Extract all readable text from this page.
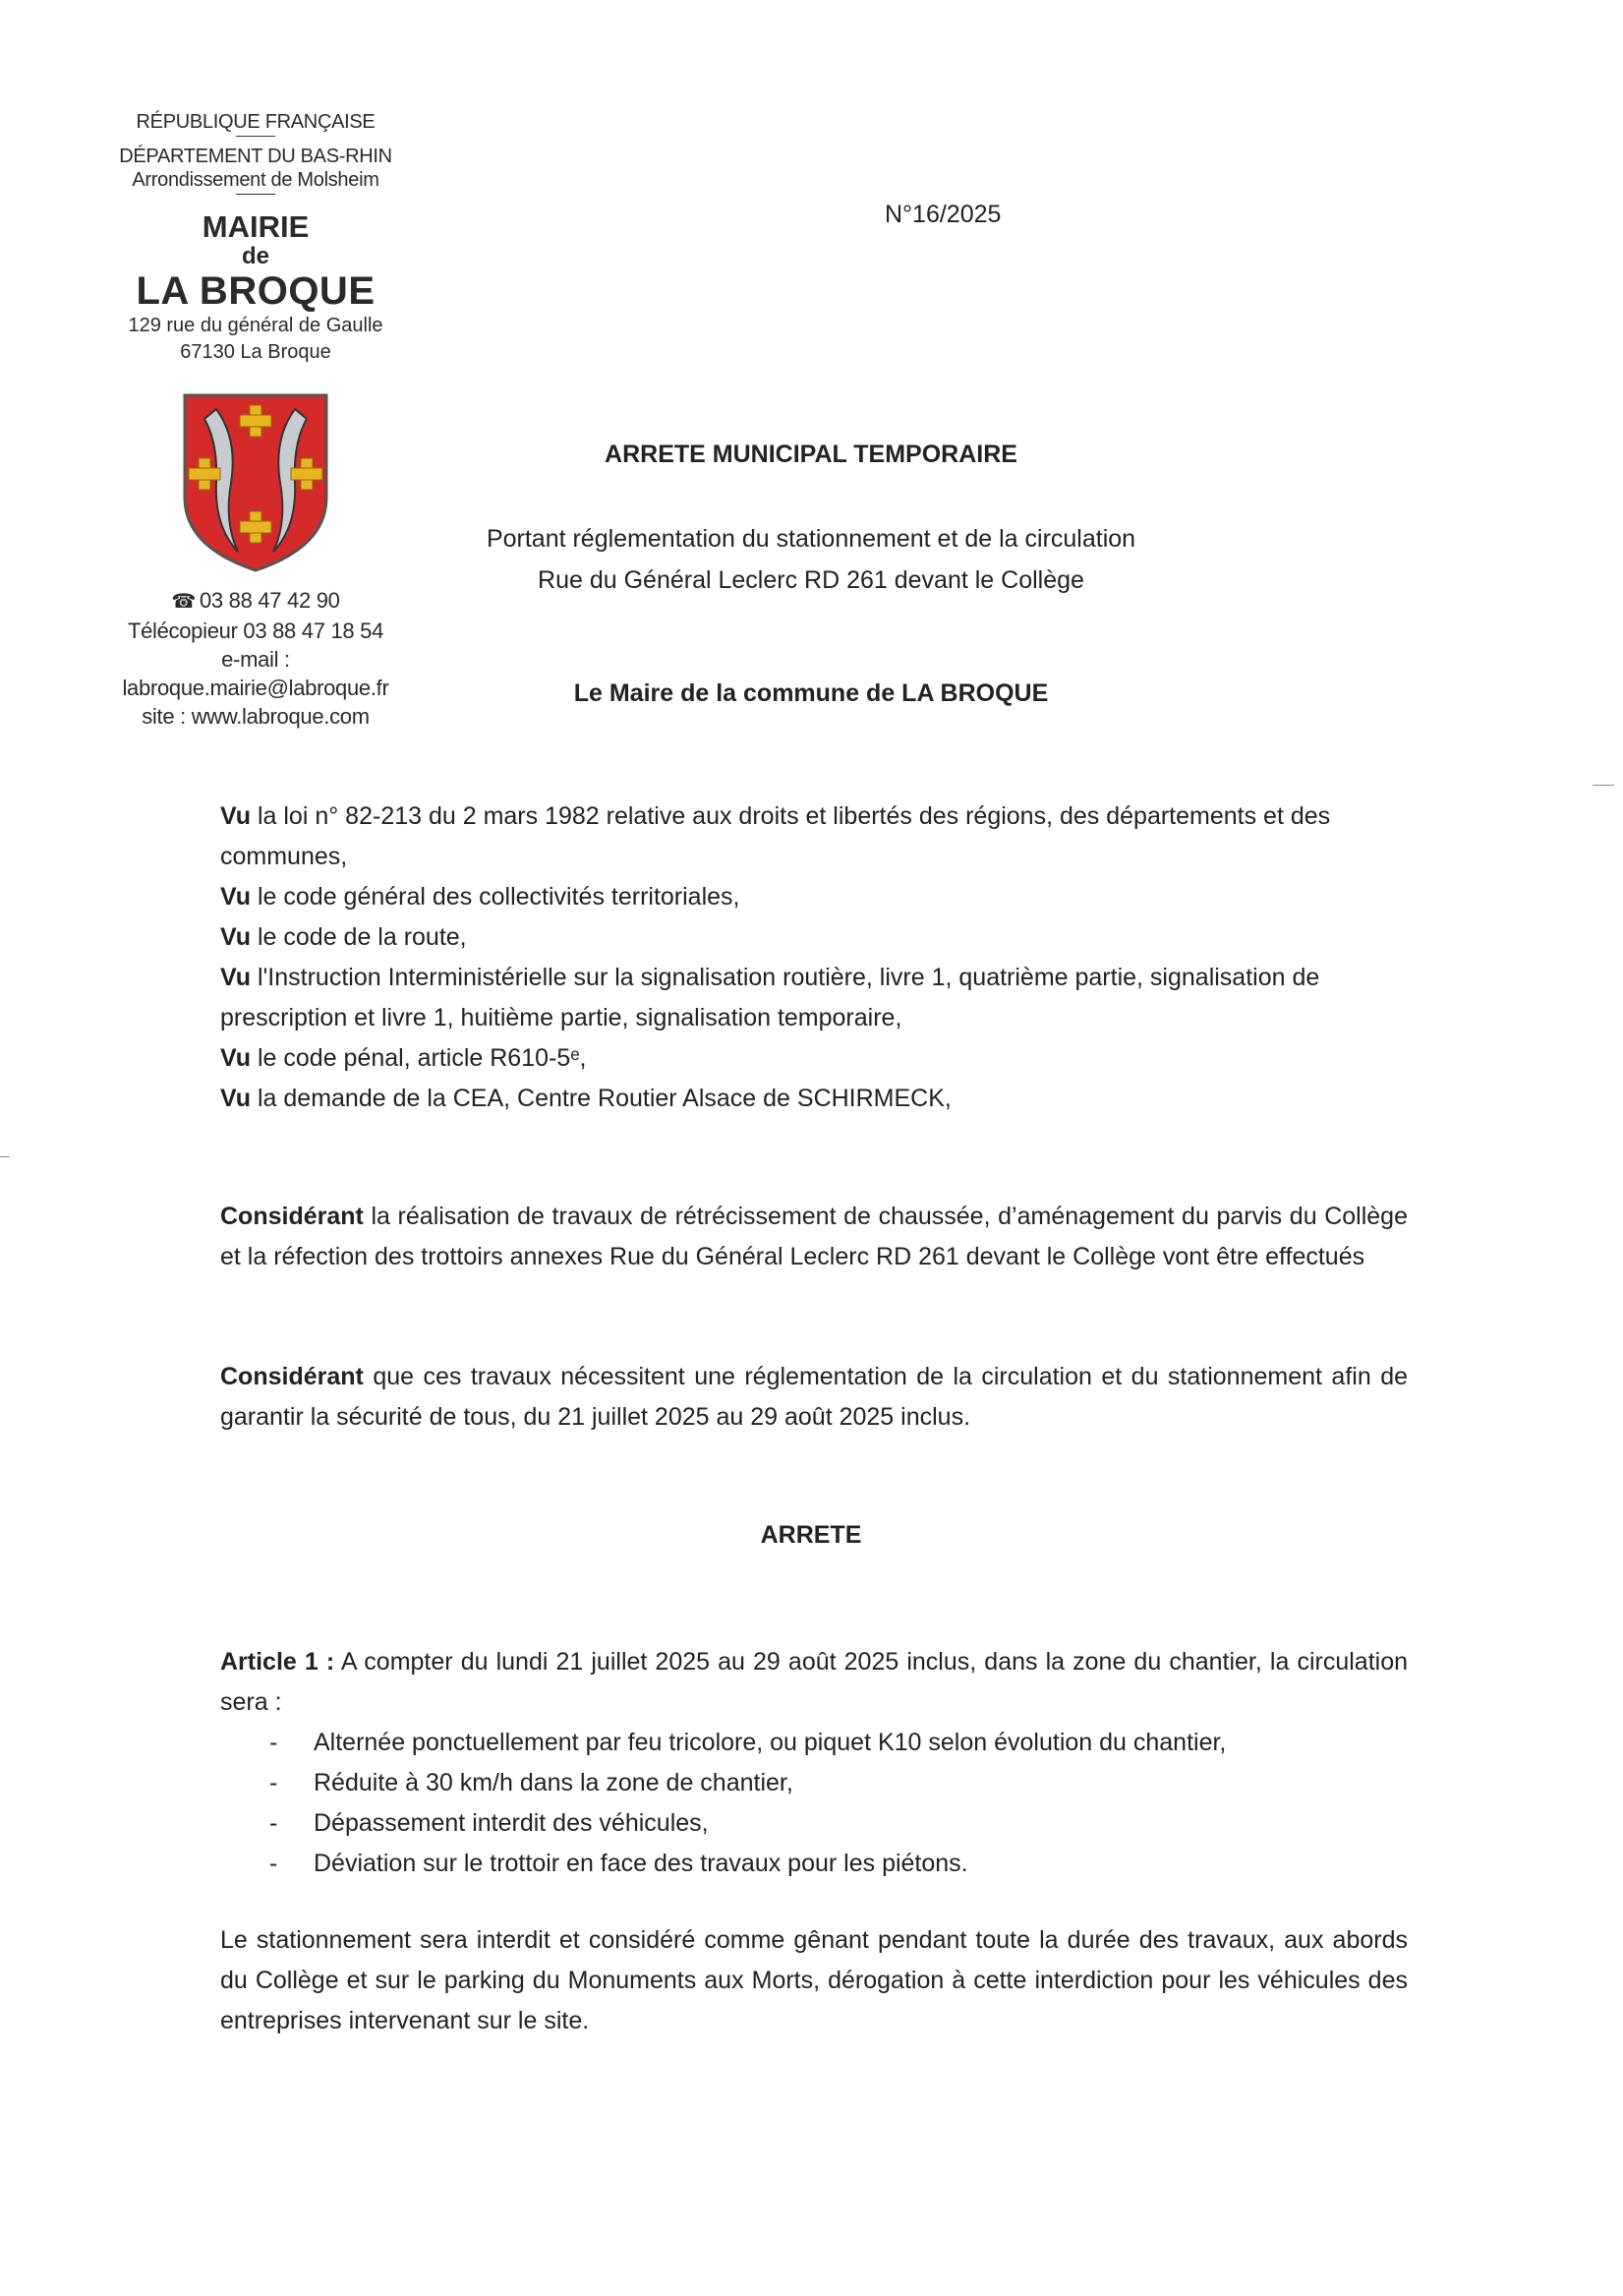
RÉPUBLIQUE FRANÇAISE
DÉPARTEMENT DU BAS-RHIN
Arrondissement de Molsheim
MAIRIE
de
LA BROQUE
129 rue du général de Gaulle
67130 La Broque
☎ 03 88 47 42 90
Télécopieur 03 88 47 18 54
e-mail : labroque.mairie@labroque.fr
site : www.labroque.com
N°16/2025
ARRETE MUNICIPAL TEMPORAIRE
Portant réglementation du stationnement et de la circulation
Rue du Général Leclerc RD 261 devant le Collège
Le Maire de la commune de LA BROQUE

Vu la loi n° 82-213 du 2 mars 1982 relative aux droits et libertés des régions, des départements et des communes,

Vu le code général des collectivités territoriales,

Vu le code de la route,

Vu l'Instruction Interministérielle sur la signalisation routière, livre 1, quatrième partie, signalisation de prescription et livre 1, huitième partie, signalisation temporaire,

Vu le code pénal, article R610-5ᵉ,

Vu la demande de la CEA, Centre Routier Alsace de SCHIRMECK,

Considérant la réalisation de travaux de rétrécissement de chaussée, d’aménagement du parvis du Collège et la réfection des trottoirs annexes Rue du Général Leclerc RD 261 devant le Collège vont être effectués
Considérant que ces travaux nécessitent une réglementation de la circulation et du stationnement afin de garantir la sécurité de tous, du 21 juillet 2025 au 29 août 2025 inclus.
ARRETE
Article 1 : A compter du lundi 21 juillet 2025 au 29 août 2025 inclus, dans la zone du chantier, la circulation sera :
- Alternée ponctuellement par feu tricolore, ou piquet K10 selon évolution du chantier,
- Réduite à 30 km/h dans la zone de chantier,
- Dépassement interdit des véhicules,
- Déviation sur le trottoir en face des travaux pour les piétons.
Le stationnement sera interdit et considéré comme gênant pendant toute la durée des travaux, aux abords du Collège et sur le parking du Monuments aux Morts, dérogation à cette interdiction pour les véhicules des entreprises intervenant sur le site.
